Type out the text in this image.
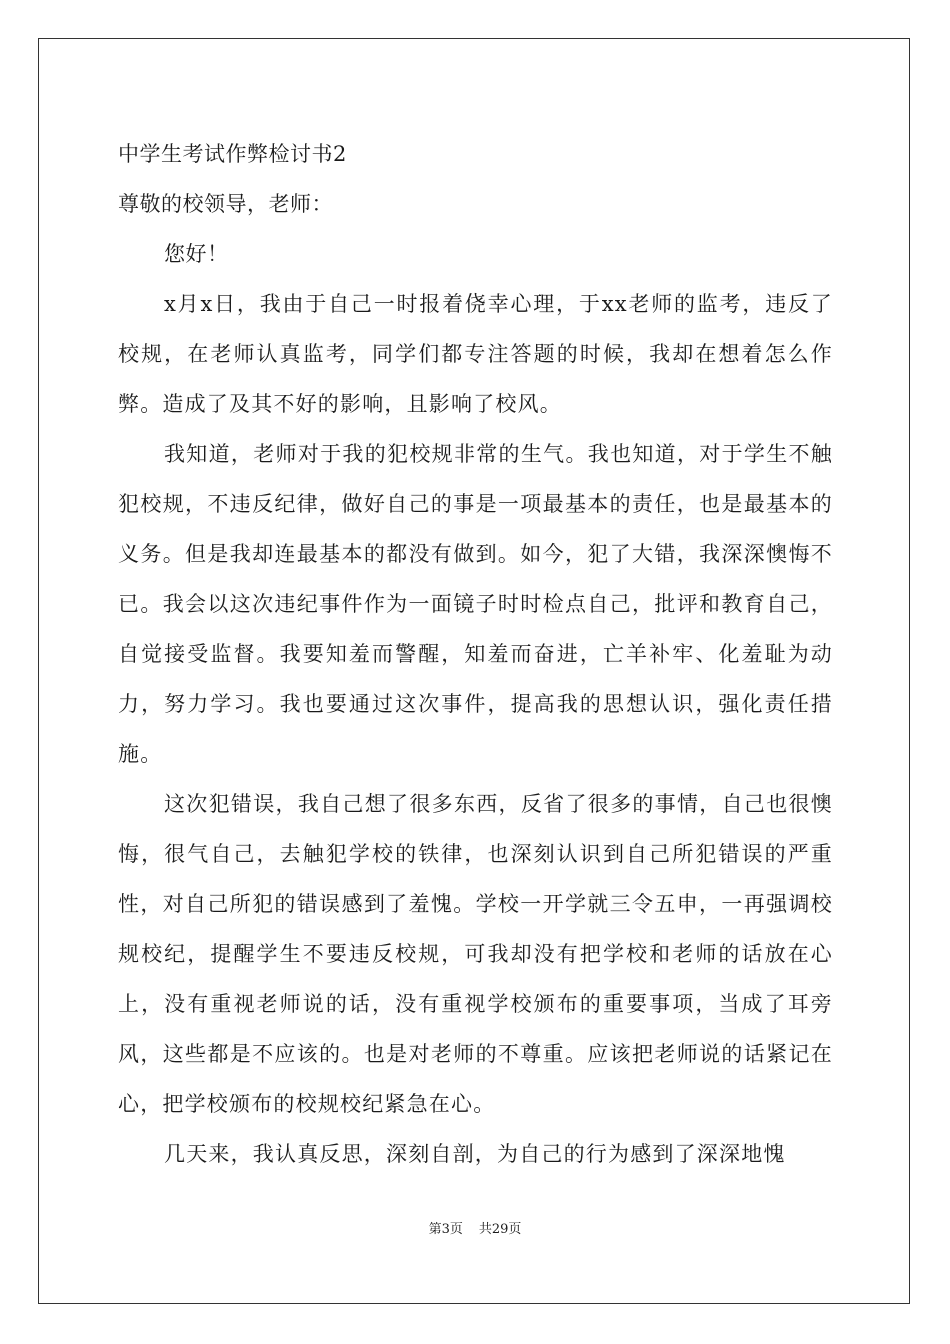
中学生考试作弊检讨书2
尊敬的校领导，老师：
您好！
x月x日，我由于自己一时报着侥幸心理，于xx老师的监考，违反了校规，在老师认真监考，同学们都专注答题的时候，我却在想着怎么作弊。造成了及其不好的影响，且影响了校风。
我知道，老师对于我的犯校规非常的生气。我也知道，对于学生不触犯校规，不违反纪律，做好自己的事是一项最基本的责任，也是最基本的义务。但是我却连最基本的都没有做到。如今，犯了大错，我深深懊悔不已。我会以这次违纪事件作为一面镜子时时检点自己，批评和教育自己，自觉接受监督。我要知羞而警醒，知羞而奋进，亡羊补牢、化羞耻为动力，努力学习。我也要通过这次事件，提高我的思想认识，强化责任措施。
这次犯错误，我自己想了很多东西，反省了很多的事情，自己也很懊悔，很气自己，去触犯学校的铁律，也深刻认识到自己所犯错误的严重性，对自己所犯的错误感到了羞愧。学校一开学就三令五申，一再强调校规校纪，提醒学生不要违反校规，可我却没有把学校和老师的话放在心上，没有重视老师说的话，没有重视学校颁布的重要事项，当成了耳旁风，这些都是不应该的。也是对老师的不尊重。应该把老师说的话紧记在心，把学校颁布的校规校纪紧急在心。
几天来，我认真反思，深刻自剖，为自己的行为感到了深深地愧
第3页 共29页
